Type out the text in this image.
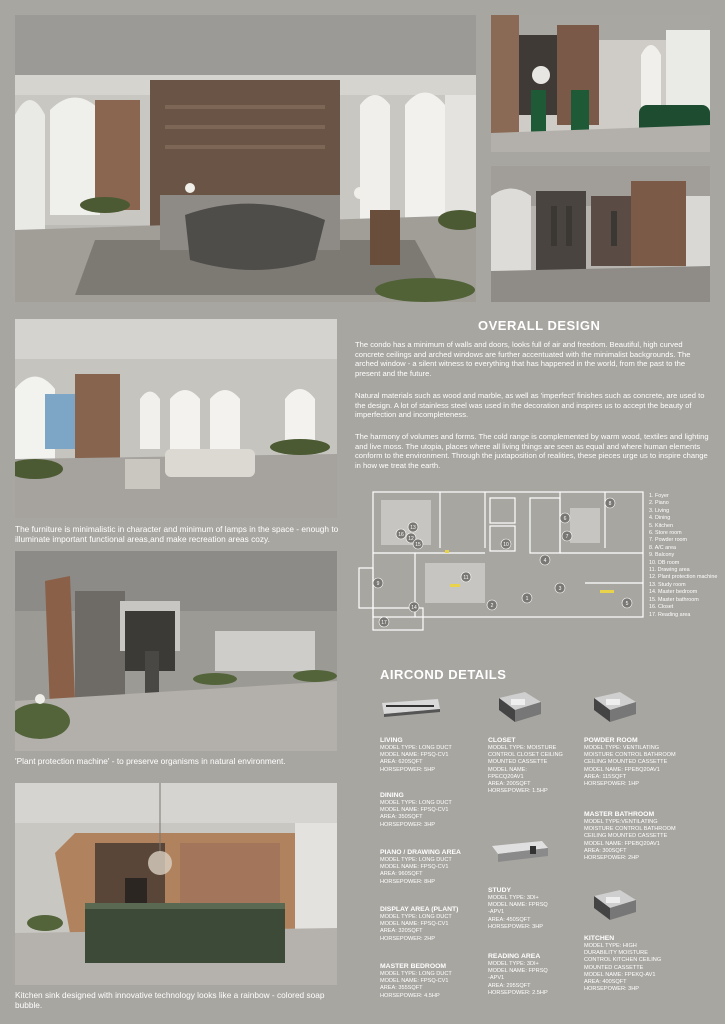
The furniture is minimalistic in character and minimum of lamps in the space - enough to illuminate important functional areas,and make recreation areas cozy.
'Plant protection machine' - to preserve organisms in natural environment.
Kitchen sink designed with innovative technology looks like a rainbow - colored soap bubble.
OVERALL DESIGN
The condo has a minimum of walls and doors, looks full of air and freedom. Beautiful, high curved concrete ceilings and arched windows are further accentuated with the minimalist backgrounds. The arched window - a silent witness to everything that has happened in the world, from the past to the present and the future.
Natural materials such as wood and marble, as well as 'imperfect' finishes such as concrete, are used to the design. A lot of stainless steel was used in the decoration and inspires us to accept the beauty of imperfection and incompleteness.
The harmony of volumes and forms. The cold range is complemented by warm wood, textiles and lighting and live moss. The utopia, places where all living things are seen as equal and where human elements conform to the environment. Through the juxtaposition of realities, these pieces urge us to inspire change in how we treat the earth.
1
2
3
4
5
6
7
8
9
10
11
12
13
14
15
16
17
1. Foyer
2. Piano
3. Living
4. Dining
5. Kitchen
6. Store room
7. Powder room
8. A/C area
9. Balcony
10. DB room
11. Drawing area
12. Plant protection machine
13. Study room
14. Master bedroom
15. Master bathroom
16. Closet
17. Reading area
AIRCOND DETAILS
LIVING
MODEL TYPE: LONG DUCT
MODEL NAME: FPSQ-CV1
AREA: 620SQFT
HORSEPOWER: 5HP
DINING
MODEL TYPE: LONG DUCT
MODEL NAME: FPSQ-CV1
AREA: 350SQFT
HORSEPOWER: 3HP
PIANO / DRAWING AREA
MODEL TYPE: LONG DUCT
MODEL NAME: FPSQ-CV1
AREA: 960SQFT
HORSEPOWER: 8HP
DISPLAY AREA (PLANT)
MODEL TYPE: LONG DUCT
MODEL NAME: FPSQ-CV1
AREA: 320SQFT
HORSEPOWER: 2HP
MASTER BEDROOM
MODEL TYPE: LONG DUCT
MODEL NAME: FPSQ-CV1
AREA: 355SQFT
HORSEPOWER: 4.5HP
CLOSET
MODEL TYPE: MOISTURE
CONTROL CLOSET CEILING
MOUNTED CASSETTE
MODEL NAME:
FPECQ20AV1
AREA: 200SQFT
HORSEPOWER: 1.5HP
STUDY
MODEL TYPE: 3DI+
MODEL NAME: FPRSQ
-APV1
AREA: 450SQFT
HORSEPOWER: 3HP
READING AREA
MODEL TYPE: 3DI+
MODEL NAME: FPRSQ
-APV1
AREA: 295SQFT
HORSEPOWER: 2.5HP
POWDER ROOM
MODEL TYPE: VENTILATING
MOISTURE CONTROL BATHROOM
CEILING MOUNTED CASSETTE
MODEL NAME: FPEBQ20AV1
AREA: 115SQFT
HORSEPOWER: 1HP
MASTER BATHROOM
MODEL TYPE:VENTILATING
MOISTURE CONTROL BATHROOM
CEILING MOUNTED CASSETTE
MODEL NAME: FPEBQ20AV1
AREA: 300SQFT
HORSEPOWER: 2HP
KITCHEN
MODEL TYPE: HIGH
DURABILITY MOISTURE
CONTROL KITCHEN CEILING
MOUNTED CASSETTE
MODEL NAME: FPEKQ-AV1
AREA: 400SQFT
HORSEPOWER: 3HP
